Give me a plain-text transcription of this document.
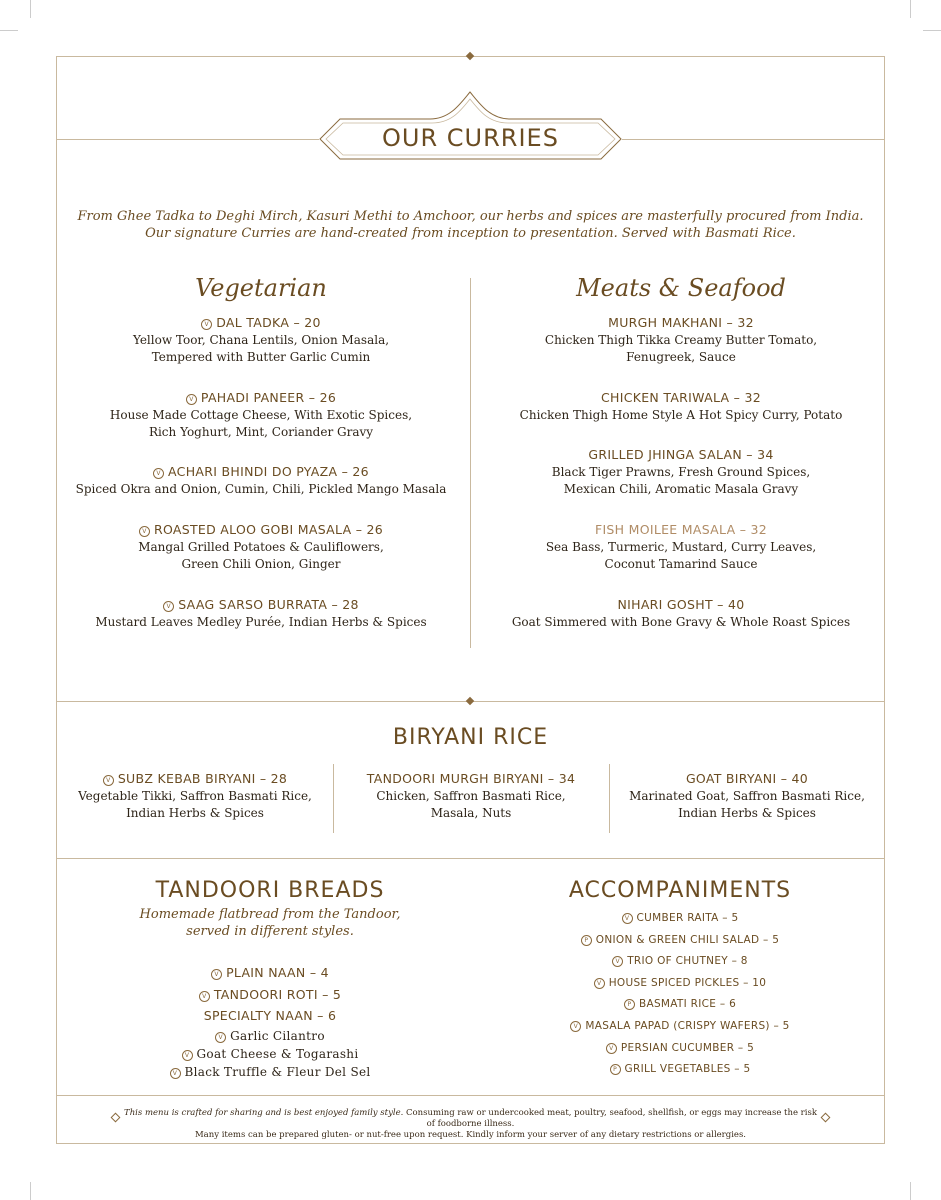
OUR CURRIES
From Ghee Tadka to Deghi Mirch, Kasuri Methi to Amchoor, our herbs and spices are masterfully procured from India.
Our signature Curries are hand-created from inception to presentation. Served with Basmati Rice.
Vegetarian
V DAL TADKA – 20
Yellow Toor, Chana Lentils, Onion Masala,
Tempered with Butter Garlic Cumin
V PAHADI PANEER – 26
House Made Cottage Cheese, With Exotic Spices,
Rich Yoghurt, Mint, Coriander Gravy
V ACHARI BHINDI DO PYAZA – 26
Spiced Okra and Onion, Cumin, Chili, Pickled Mango Masala
V ROASTED ALOO GOBI MASALA – 26
Mangal Grilled Potatoes & Cauliflowers,
Green Chili Onion, Ginger
V SAAG SARSO BURRATA – 28
Mustard Leaves Medley Purée, Indian Herbs & Spices
Meats & Seafood
MURGH MAKHANI – 32
Chicken Thigh Tikka Creamy Butter Tomato,
Fenugreek, Sauce
CHICKEN TARIWALA – 32
Chicken Thigh Home Style A Hot Spicy Curry, Potato
GRILLED JHINGA SALAN – 34
Black Tiger Prawns, Fresh Ground Spices,
Mexican Chili, Aromatic Masala Gravy
FISH MOILEE MASALA – 32
Sea Bass, Turmeric, Mustard, Curry Leaves,
Coconut Tamarind Sauce
NIHARI GOSHT – 40
Goat Simmered with Bone Gravy & Whole Roast Spices
BIRYANI RICE
V SUBZ KEBAB BIRYANI – 28
Vegetable Tikki, Saffron Basmati Rice,
Indian Herbs & Spices
TANDOORI MURGH BIRYANI – 34
Chicken, Saffron Basmati Rice,
Masala, Nuts
GOAT BIRYANI – 40
Marinated Goat, Saffron Basmati Rice,
Indian Herbs & Spices
TANDOORI BREADS
Homemade flatbread from the Tandoor,
served in different styles.
V PLAIN NAAN – 4
V TANDOORI ROTI – 5
SPECIALTY NAAN – 6
V Garlic Cilantro
V Goat Cheese & Togarashi
V Black Truffle & Fleur Del Sel
ACCOMPANIMENTS
V CUMBER RAITA – 5
P ONION & GREEN CHILI SALAD – 5
V TRIO OF CHUTNEY – 8
V HOUSE SPICED PICKLES – 10
P BASMATI RICE – 6
V MASALA PAPAD (CRISPY WAFERS) – 5
V PERSIAN CUCUMBER – 5
P GRILL VEGETABLES – 5
This menu is crafted for sharing and is best enjoyed family style. Consuming raw or undercooked meat, poultry, seafood, shellfish, or eggs may increase the risk of foodborne illness.
Many items can be prepared gluten- or nut-free upon request. Kindly inform your server of any dietary restrictions or allergies.
